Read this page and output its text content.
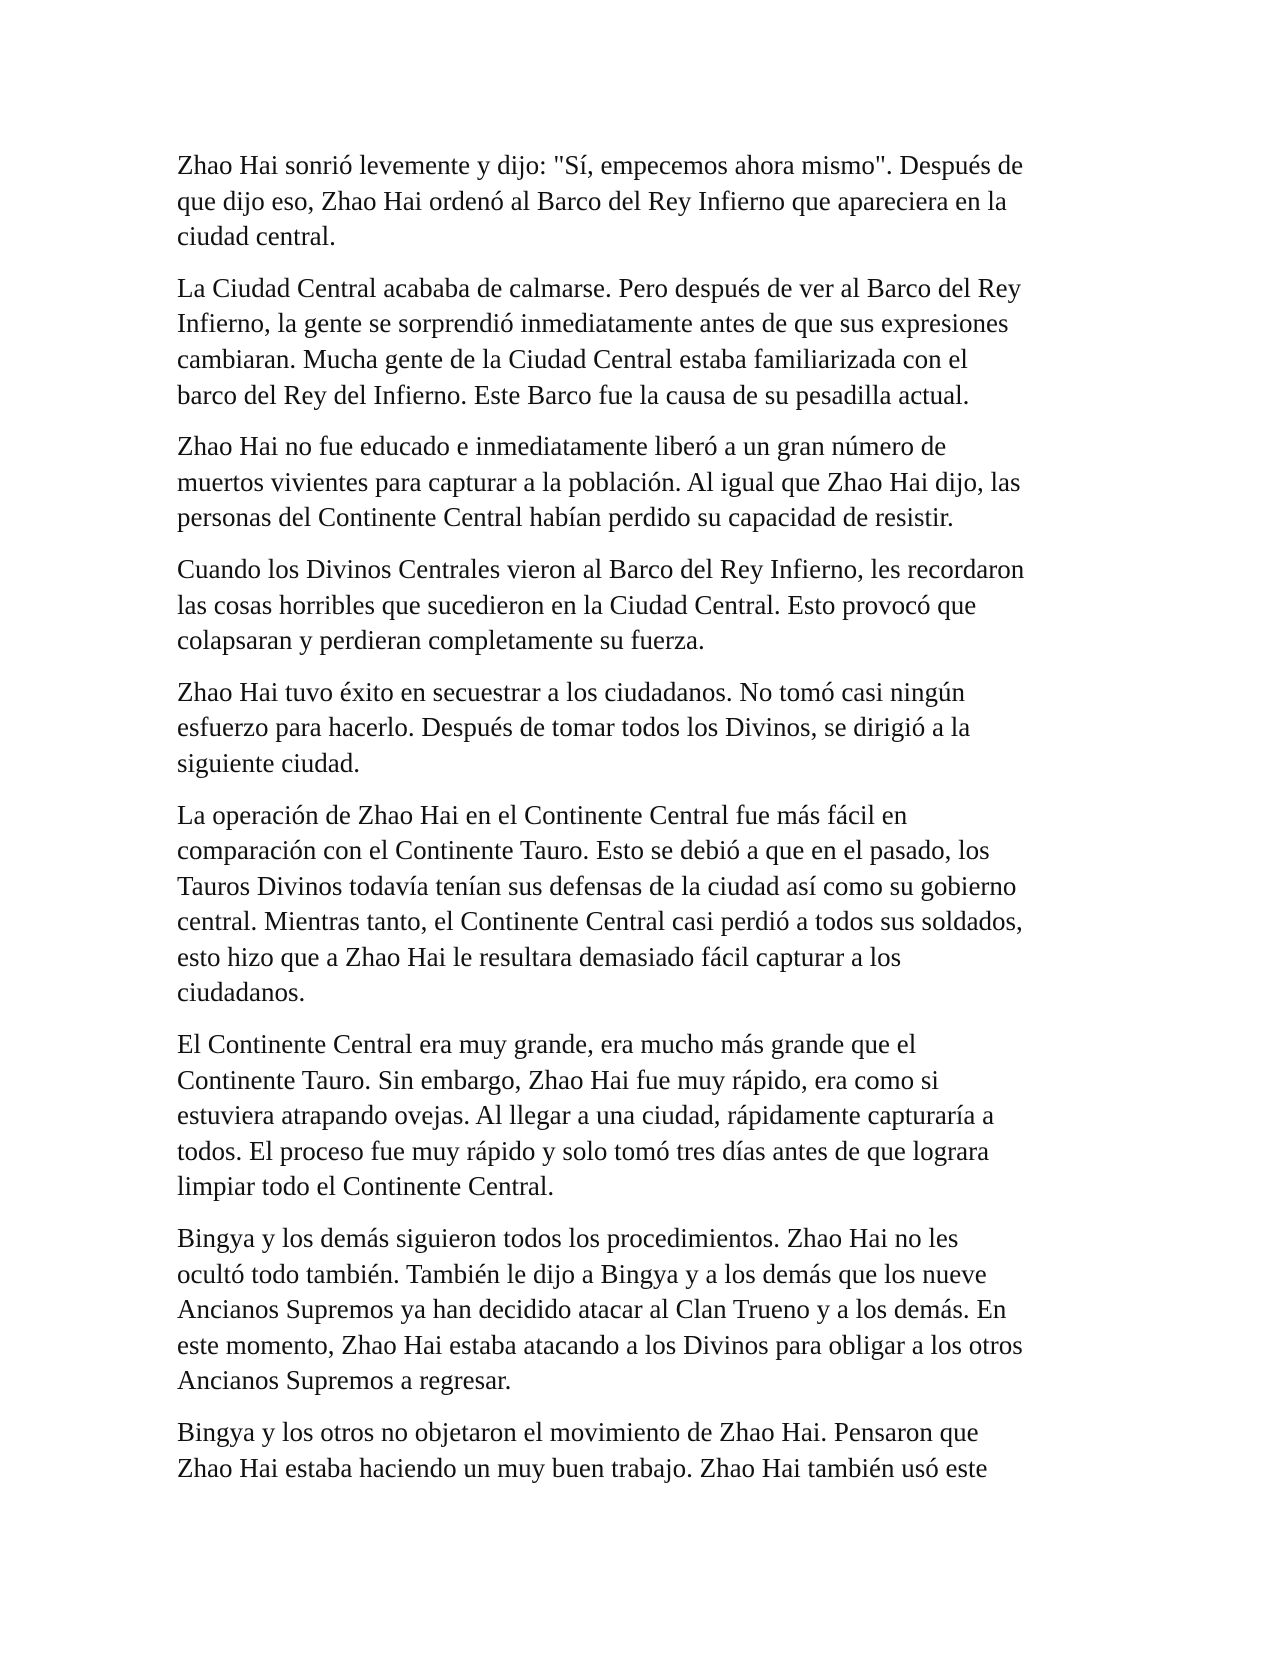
Zhao Hai sonrió levemente y dijo: "Sí, empecemos ahora mismo". Después de
que dijo eso, Zhao Hai ordenó al Barco del Rey Infierno que apareciera en la
ciudad central.

La Ciudad Central acababa de calmarse. Pero después de ver al Barco del Rey
Infierno, la gente se sorprendió inmediatamente antes de que sus expresiones
cambiaran. Mucha gente de la Ciudad Central estaba familiarizada con el
barco del Rey del Infierno. Este Barco fue la causa de su pesadilla actual.

Zhao Hai no fue educado e inmediatamente liberó a un gran número de
muertos vivientes para capturar a la población. Al igual que Zhao Hai dijo, las
personas del Continente Central habían perdido su capacidad de resistir.

Cuando los Divinos Centrales vieron al Barco del Rey Infierno, les recordaron
las cosas horribles que sucedieron en la Ciudad Central. Esto provocó que
colapsaran y perdieran completamente su fuerza.

Zhao Hai tuvo éxito en secuestrar a los ciudadanos. No tomó casi ningún
esfuerzo para hacerlo. Después de tomar todos los Divinos, se dirigió a la
siguiente ciudad.

La operación de Zhao Hai en el Continente Central fue más fácil en
comparación con el Continente Tauro. Esto se debió a que en el pasado, los
Tauros Divinos todavía tenían sus defensas de la ciudad así como su gobierno
central. Mientras tanto, el Continente Central casi perdió a todos sus soldados,
esto hizo que a Zhao Hai le resultara demasiado fácil capturar a los
ciudadanos.

El Continente Central era muy grande, era mucho más grande que el
Continente Tauro. Sin embargo, Zhao Hai fue muy rápido, era como si
estuviera atrapando ovejas. Al llegar a una ciudad, rápidamente capturaría a
todos. El proceso fue muy rápido y solo tomó tres días antes de que lograra
limpiar todo el Continente Central.

Bingya y los demás siguieron todos los procedimientos. Zhao Hai no les
ocultó todo también. También le dijo a Bingya y a los demás que los nueve
Ancianos Supremos ya han decidido atacar al Clan Trueno y a los demás. En
este momento, Zhao Hai estaba atacando a los Divinos para obligar a los otros
Ancianos Supremos a regresar.

Bingya y los otros no objetaron el movimiento de Zhao Hai. Pensaron que
Zhao Hai estaba haciendo un muy buen trabajo. Zhao Hai también usó este
